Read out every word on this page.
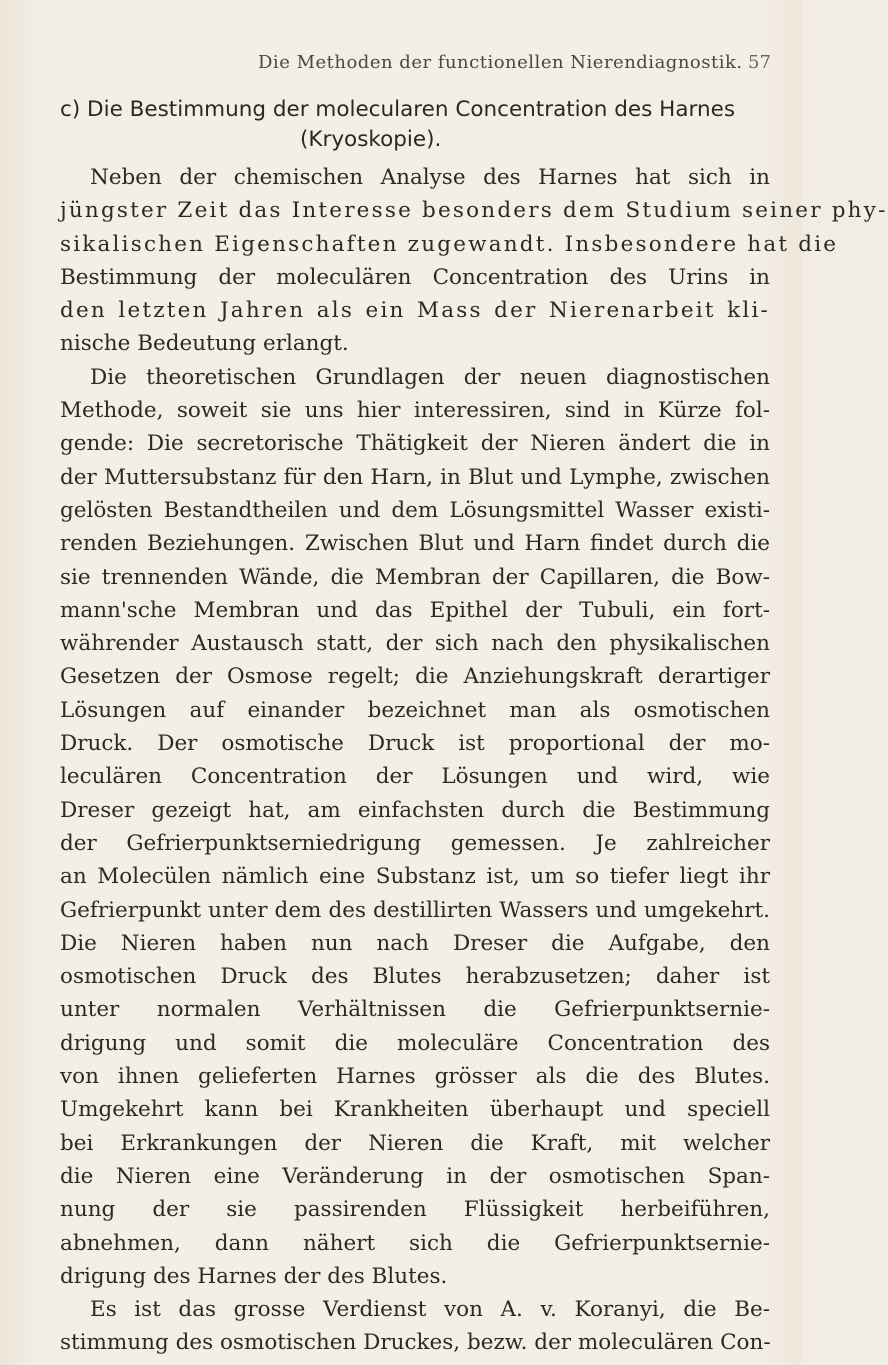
Die Methoden der functionellen Nierendiagnostik. 57
c) Die Bestimmung der molecularen Concentration des Harnes
(Kryoskopie).
Neben der chemischen Analyse des Harnes hat sich in
jüngster Zeit das Interesse besonders dem Studium seiner phy-
sikalischen Eigenschaften zugewandt. Insbesondere hat die
Bestimmung der moleculären Concentration des Urins in
den letzten Jahren als ein Mass der Nierenarbeit kli-
nische Bedeutung erlangt.
Die theoretischen Grundlagen der neuen diagnostischen
Methode, soweit sie uns hier interessiren, sind in Kürze fol-
gende: Die secretorische Thätigkeit der Nieren ändert die in
der Muttersubstanz für den Harn, in Blut und Lymphe, zwischen
gelösten Bestandtheilen und dem Lösungsmittel Wasser existi-
renden Beziehungen. Zwischen Blut und Harn findet durch die
sie trennenden Wände, die Membran der Capillaren, die Bow-
mann'sche Membran und das Epithel der Tubuli, ein fort-
währender Austausch statt, der sich nach den physikalischen
Gesetzen der Osmose regelt; die Anziehungskraft derartiger
Lösungen auf einander bezeichnet man als osmotischen
Druck. Der osmotische Druck ist proportional der mo-
leculären Concentration der Lösungen und wird, wie
Dreser gezeigt hat, am einfachsten durch die Bestimmung
der Gefrierpunktserniedrigung gemessen. Je zahlreicher
an Molecülen nämlich eine Substanz ist, um so tiefer liegt ihr
Gefrierpunkt unter dem des destillirten Wassers und umgekehrt.
Die Nieren haben nun nach Dreser die Aufgabe, den
osmotischen Druck des Blutes herabzusetzen; daher ist
unter normalen Verhältnissen die Gefrierpunktsernie-
drigung und somit die moleculäre Concentration des
von ihnen gelieferten Harnes grösser als die des Blutes.
Umgekehrt kann bei Krankheiten überhaupt und speciell
bei Erkrankungen der Nieren die Kraft, mit welcher
die Nieren eine Veränderung in der osmotischen Span-
nung der sie passirenden Flüssigkeit herbeiführen,
abnehmen, dann nähert sich die Gefrierpunktsernie-
drigung des Harnes der des Blutes.
Es ist das grosse Verdienst von A. v. Koranyi, die Be-
stimmung des osmotischen Druckes, bezw. der moleculären Con-
